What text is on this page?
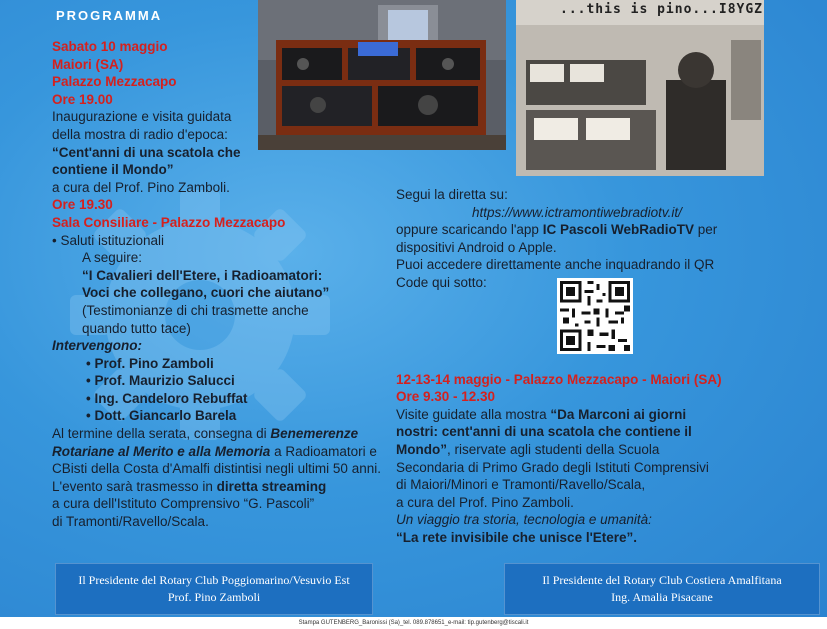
PROGRAMMA	...this is pino...I8YGZ
Sabato 10 maggio
Maiori (SA)
Palazzo Mezzacapo
Ore 19.00
Inaugurazione e visita guidata
della mostra di radio d'epoca:
“Cent'anni di una scatola che
contiene il Mondo”
a cura del Prof. Pino Zamboli.
Ore 19.30
Sala Consiliare - Palazzo Mezzacapo
• Saluti istituzionali
A seguire:
“I Cavalieri dell'Etere, i Radioamatori:
Voci che collegano, cuori che aiutano”
(Testimonianze di chi trasmette anche
quando tutto tace)
Intervengono:
• Prof. Pino Zamboli
• Prof. Maurizio Salucci
• Ing. Candeloro Rebuffat
• Dott. Giancarlo Barela
Al termine della serata, consegna di Benemerenze
Rotariane al Merito e alla Memoria a Radioamatori e
CBisti della Costa d'Amalfi distintisi negli ultimi 50 anni.
L'evento sarà trasmesso in diretta streaming
a cura dell'Istituto Comprensivo “G. Pascoli”
di Tramonti/Ravello/Scala.
Segui la diretta su:
https://www.ictramontiwebradiotv.it/
oppure scaricando l'app IC Pascoli WebRadioTV per
dispositivi Android o Apple.
Puoi accedere direttamente anche inquadrando il QR
Code qui sotto:
12-13-14 maggio - Palazzo Mezzacapo - Maiori (SA)
Ore 9.30 - 12.30
Visite guidate alla mostra “Da Marconi ai giorni
nostri: cent'anni di una scatola che contiene il
Mondo”, riservate agli studenti della Scuola
Secondaria di Primo Grado degli Istituti Comprensivi
di Maiori/Minori e Tramonti/Ravello/Scala,
a cura del Prof. Pino Zamboli.
Un viaggio tra storia, tecnologia e umanità:
“La rete invisibile che unisce l'Etere”.
Il Presidente del Rotary Club Poggiomarino/Vesuvio Est
Prof. Pino Zamboli
Il Presidente del Rotary Club Costiera Amalfitana
Ing. Amalia Pisacane
Stampa GUTENBERG_Baronissi (Sa)_tel. 089.878651_e-mail: tip.gutenberg@tiscali.it
